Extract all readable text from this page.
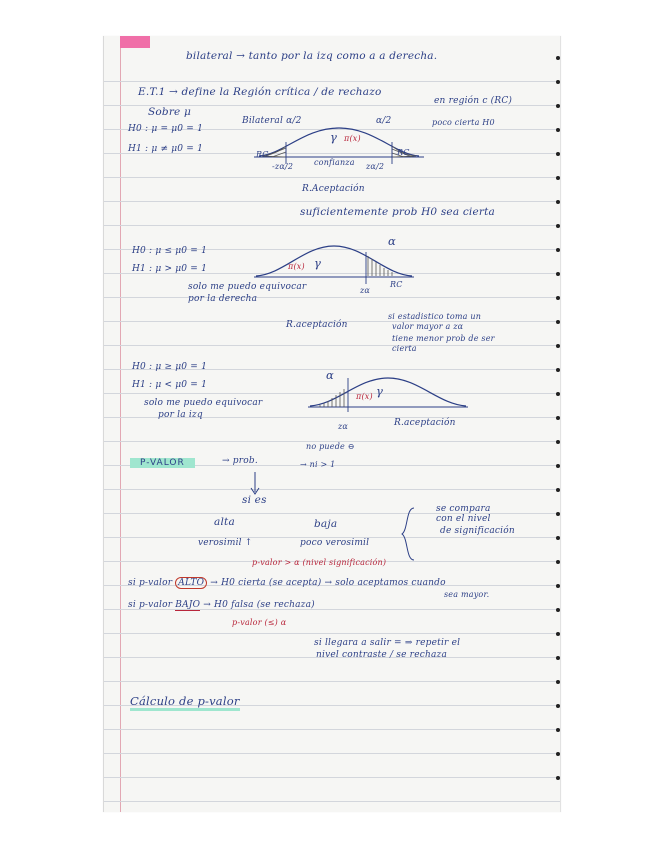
bilateral → tanto por la izq como a a derecha.
E.T.1 → define la Región crítica / de rechazo
Sobre μ
H0 : μ = μ0 = 1
H1 : μ ≠ μ0 = 1
Bilateral α/2	α/2
en región c (RC)
poco cierta H0
γ π(x)
RC	RC
-zα/2	confianza zα/2
R.Aceptación
suficientemente prob H0 sea cierta
H0 : μ ≤ μ0 = 1
H1 : μ > μ0 = 1
solo me puedo equivocar
por la derecha
α
π(x) γ
zα
RC
R.aceptación
si estadistico toma un
valor mayor a zα
tiene menor prob de ser
cierta
H0 : μ ≥ μ0 = 1
H1 : μ < μ0 = 1
solo me puedo equivocar
por la izq
α
π(x) γ
zα	R.aceptación
P-VALOR	→ prob.
no puede ⊖
→ ni > 1
si es
alta	baja
verosimil ↑	poco verosimil
se compara
con el nivel
de significación
p-valor > α (nivel significación)
si p-valor ALTO → H0 cierta (se acepta) → solo aceptamos cuando
sea mayor.
si p-valor BAJO → H0 falsa (se rechaza)
p-valor (≤) α
si llegara a salir = ⇒ repetir el
nivel contraste / se rechaza
Cálculo de p-valor
